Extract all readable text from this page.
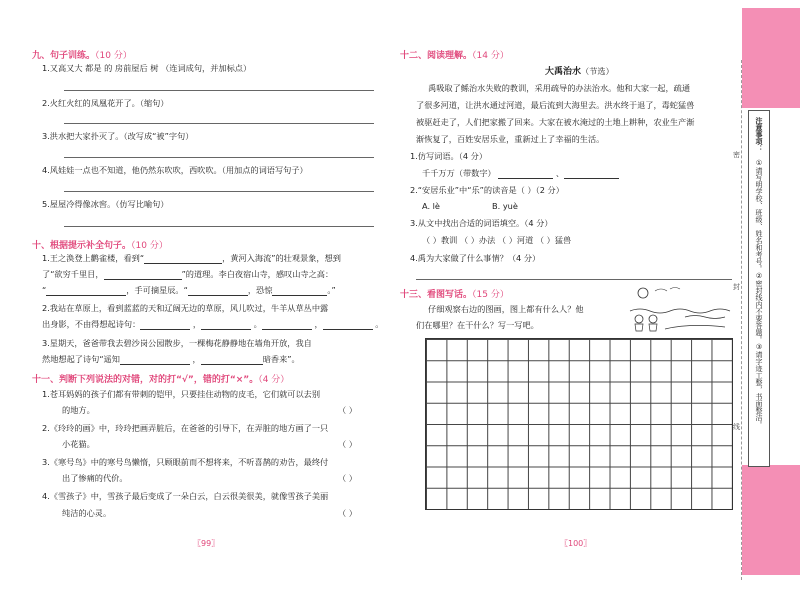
九、句子训练。（10 分）
1.又高又大 都是 的 房前屋后 树 （连词成句，并加标点）
2.火红火红的凤凰花开了。（缩句）
3.洪水把大家扑灭了。（改写成“被”字句）
4.风娃娃一点也不知道，他仍然东吹吹，西吹吹。（用加点的词语写句子）
5.屋屋冷得像冰窖。（仿写比喻句）
十、根据提示补全句子。（10 分）
1.王之涣登上鹳雀楼，看到“	，黄河入海流”的壮观景象，想到
了“欲穷千里目，	”的道理。李白夜宿山寺，感叹山寺之高：
“	，手可摘星辰。“	，恐惊	。”
2.我站在草原上，看到蓝蓝的天和辽阔无边的草原，风儿吹过，牛羊从草丛中露
出身影，不由得想起诗句：	，	。	，	。
3.星期天，爸爸带我去碧沙岗公园散步，一棵梅花静静地在墙角开放，我自
然地想起了诗句“遥知	，	暗香来”。
十一、判断下列说法的对错，对的打“√”，错的打“×”。（4 分）
1.苍耳妈妈的孩子们都有带刺的铠甲，只要挂住动物的皮毛，它们就可以去别
的地方。	（ ）
2.《玲玲的画》中，玲玲把画弄脏后，在爸爸的引导下，在弄脏的地方画了一只
小花猫。	（ ）
3.《寒号鸟》中的寒号鸟懒惰，只顾眼前而不想将来，不听喜鹊的劝告，最终付
出了惨痛的代价。	（ ）
4.《雪孩子》中，雪孩子最后变成了一朵白云，白云很美很美，就像雪孩子美丽
纯洁的心灵。	（ ）
〖99〗
十二、阅读理解。（14 分）
大禹治水（节选）
禹吸取了鲧治水失败的教训，采用疏导的办法治水。他和大家一起，疏通
了很多河道，让洪水通过河道，最后流到大海里去。洪水终于退了，毒蛇猛兽
被驱赶走了，人们把家搬了回来。大家在被水淹过的土地上耕种，农业生产渐
渐恢复了，百姓安居乐业，重新过上了幸福的生活。
1.仿写词语。（4 分）
千千万万（带数字）	、
2.“安居乐业”中“乐”的读音是（ ）（2 分）
A. lè	B. yuè
3.从文中找出合适的词语填空。（4 分）
（ ）教训 （ ）办法 （ ）河道 （ ）猛兽
4.禹为大家做了什么事情？（4 分）
十三、看图写话。（15 分）
仔细观察右边的图画，图上都有什么人？他
们在哪里？在干什么？写一写吧。
〖100〗
注意事项：
①请写明学校、班级、姓名和考号。②密封线内不要答题。③请字迹工整，书面整洁。
密
封
线
